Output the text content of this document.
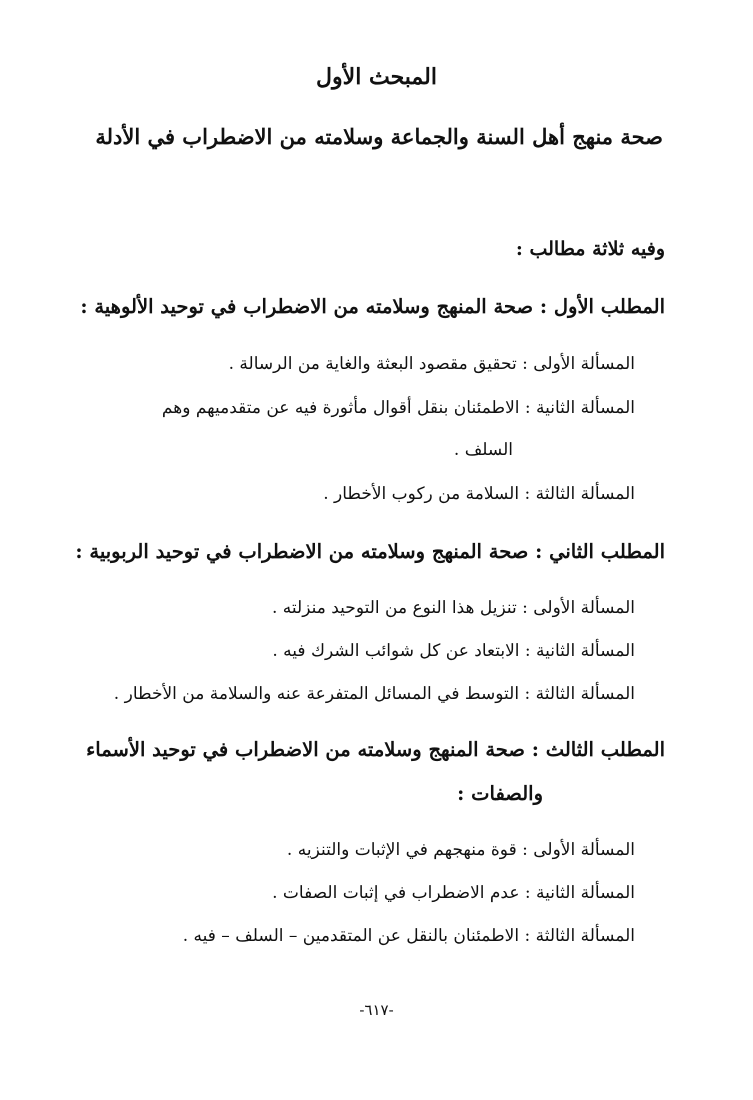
المبحث الأول
صحة منهج أهل السنة والجماعة وسلامته من الاضطراب في الأدلة
وفيه ثلاثة مطالب :
المطلب الأول : صحة المنهج وسلامته من الاضطراب في توحيد الألوهية :
المسألة الأولى : تحقيق مقصود البعثة والغاية من الرسالة .
المسألة الثانية : الاطمئنان بنقل أقوال مأثورة فيه عن متقدميهم وهم
السلف .
المسألة الثالثة : السلامة من ركوب الأخطار .
المطلب الثاني : صحة المنهج وسلامته من الاضطراب في توحيد الربوبية :
المسألة الأولى : تنزيل هذا النوع من التوحيد منزلته .
المسألة الثانية : الابتعاد عن كل شوائب الشرك فيه .
المسألة الثالثة : التوسط في المسائل المتفرعة عنه والسلامة من الأخطار .
المطلب الثالث : صحة المنهج وسلامته من الاضطراب في توحيد الأسماء
والصفات :
المسألة الأولى : قوة منهجهم في الإثبات والتنزيه .
المسألة الثانية : عدم الاضطراب في إثبات الصفات .
المسألة الثالثة : الاطمئنان بالنقل عن المتقدمين – السلف – فيه .
-٦١٧-
